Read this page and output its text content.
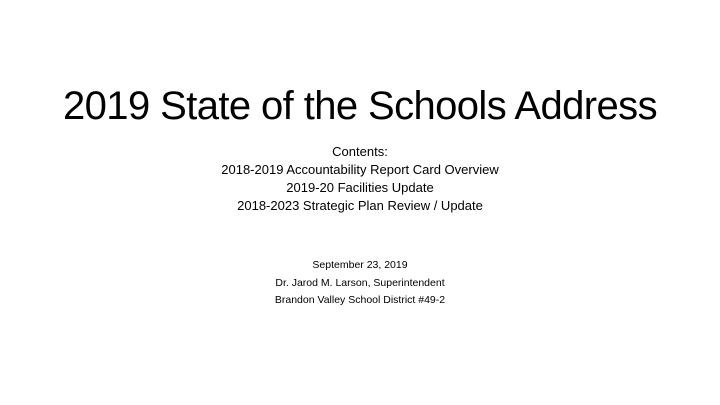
2019 State of the Schools Address
Contents:
2018-2019 Accountability Report Card Overview
2019-20 Facilities Update
2018-2023 Strategic Plan Review / Update
September 23, 2019
Dr. Jarod M. Larson, Superintendent
Brandon Valley School District #49-2
